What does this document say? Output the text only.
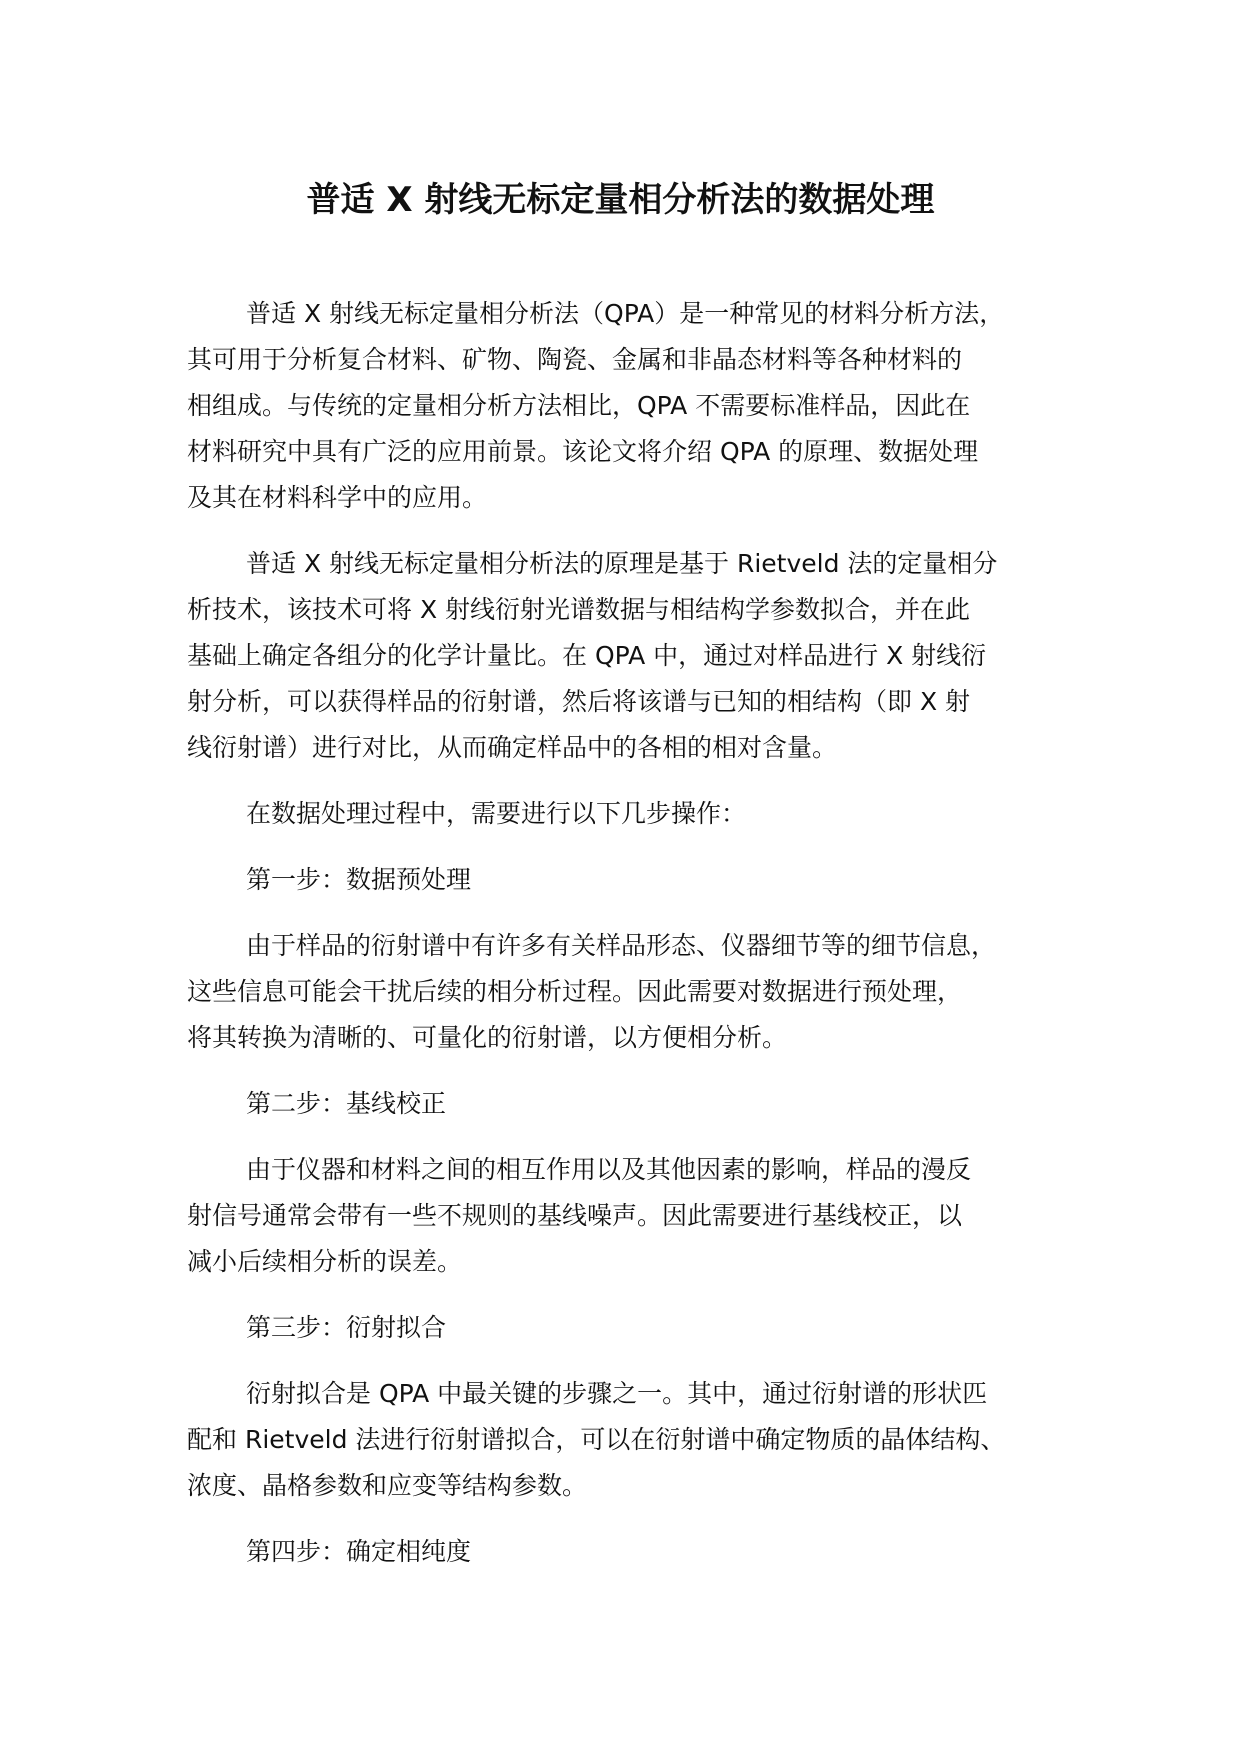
普适 X 射线无标定量相分析法的数据处理

普适 X 射线无标定量相分析法（QPA）是一种常见的材料分析方法，
其可用于分析复合材料、矿物、陶瓷、金属和非晶态材料等各种材料的
相组成。与传统的定量相分析方法相比，QPA 不需要标准样品，因此在
材料研究中具有广泛的应用前景。该论文将介绍 QPA 的原理、数据处理
及其在材料科学中的应用。

普适 X 射线无标定量相分析法的原理是基于 Rietveld 法的定量相分
析技术，该技术可将 X 射线衍射光谱数据与相结构学参数拟合，并在此
基础上确定各组分的化学计量比。在 QPA 中，通过对样品进行 X 射线衍
射分析，可以获得样品的衍射谱，然后将该谱与已知的相结构（即 X 射
线衍射谱）进行对比，从而确定样品中的各相的相对含量。

在数据处理过程中，需要进行以下几步操作：

第一步：数据预处理

由于样品的衍射谱中有许多有关样品形态、仪器细节等的细节信息，
这些信息可能会干扰后续的相分析过程。因此需要对数据进行预处理，
将其转换为清晰的、可量化的衍射谱，以方便相分析。

第二步：基线校正

由于仪器和材料之间的相互作用以及其他因素的影响，样品的漫反
射信号通常会带有一些不规则的基线噪声。因此需要进行基线校正，以
减小后续相分析的误差。

第三步：衍射拟合

衍射拟合是 QPA 中最关键的步骤之一。其中，通过衍射谱的形状匹
配和 Rietveld 法进行衍射谱拟合，可以在衍射谱中确定物质的晶体结构、
浓度、晶格参数和应变等结构参数。

第四步：确定相纯度
